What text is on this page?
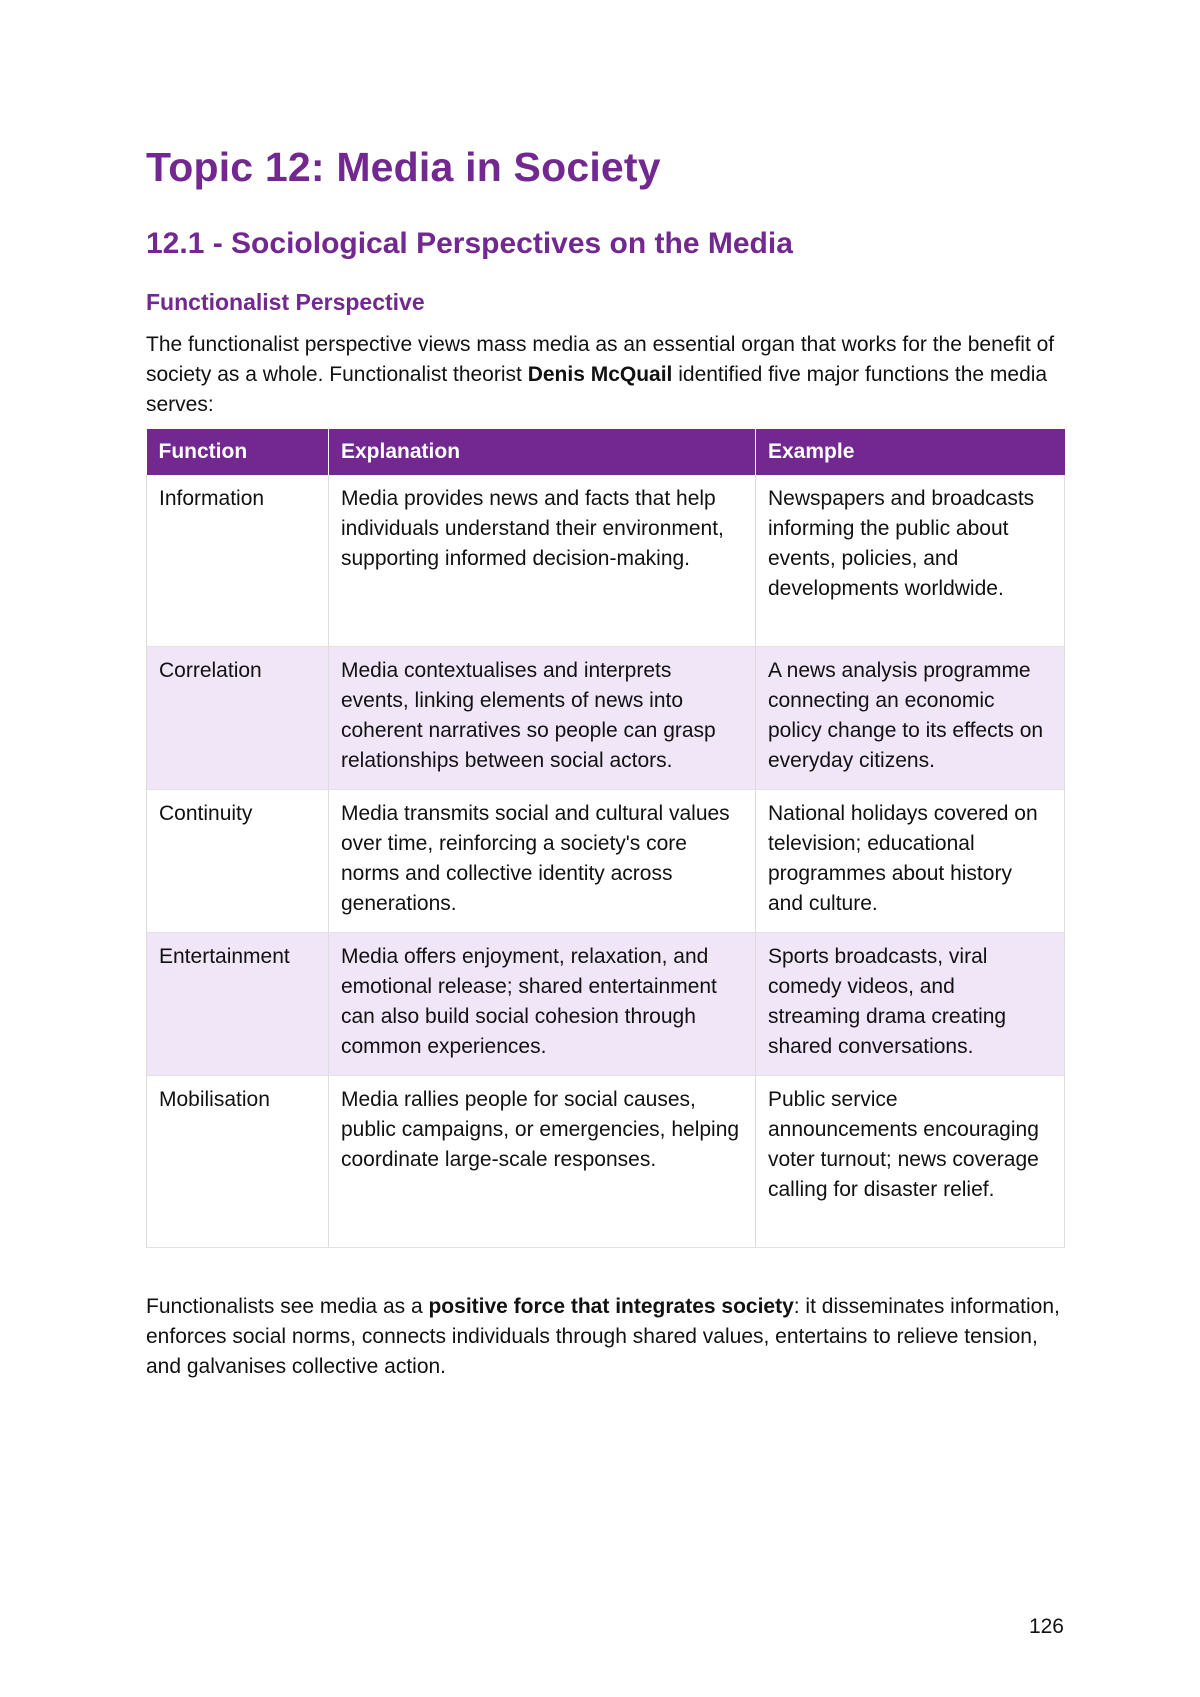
Topic 12: Media in Society
12.1 - Sociological Perspectives on the Media
Functionalist Perspective

The functionalist perspective views mass media as an essential organ that works for the benefit of society as a whole. Functionalist theorist Denis McQuail identified five major functions the media serves:

Function	Explanation	Example
Information	Media provides news and facts that help individuals understand their environment, supporting informed decision-making.	Newspapers and broadcasts informing the public about events, policies, and developments worldwide.
Correlation	Media contextualises and interprets events, linking elements of news into coherent narratives so people can grasp relationships between social actors.	A news analysis programme connecting an economic policy change to its effects on everyday citizens.
Continuity	Media transmits social and cultural values over time, reinforcing a society's core norms and collective identity across generations.	National holidays covered on television; educational programmes about history and culture.
Entertainment	Media offers enjoyment, relaxation, and emotional release; shared entertainment can also build social cohesion through common experiences.	Sports broadcasts, viral comedy videos, and streaming drama creating shared conversations.
Mobilisation	Media rallies people for social causes, public campaigns, or emergencies, helping coordinate large-scale responses.	Public service announcements encouraging voter turnout; news coverage calling for disaster relief.

Functionalists see media as a positive force that integrates society: it disseminates information, enforces social norms, connects individuals through shared values, entertains to relieve tension, and galvanises collective action.

126
